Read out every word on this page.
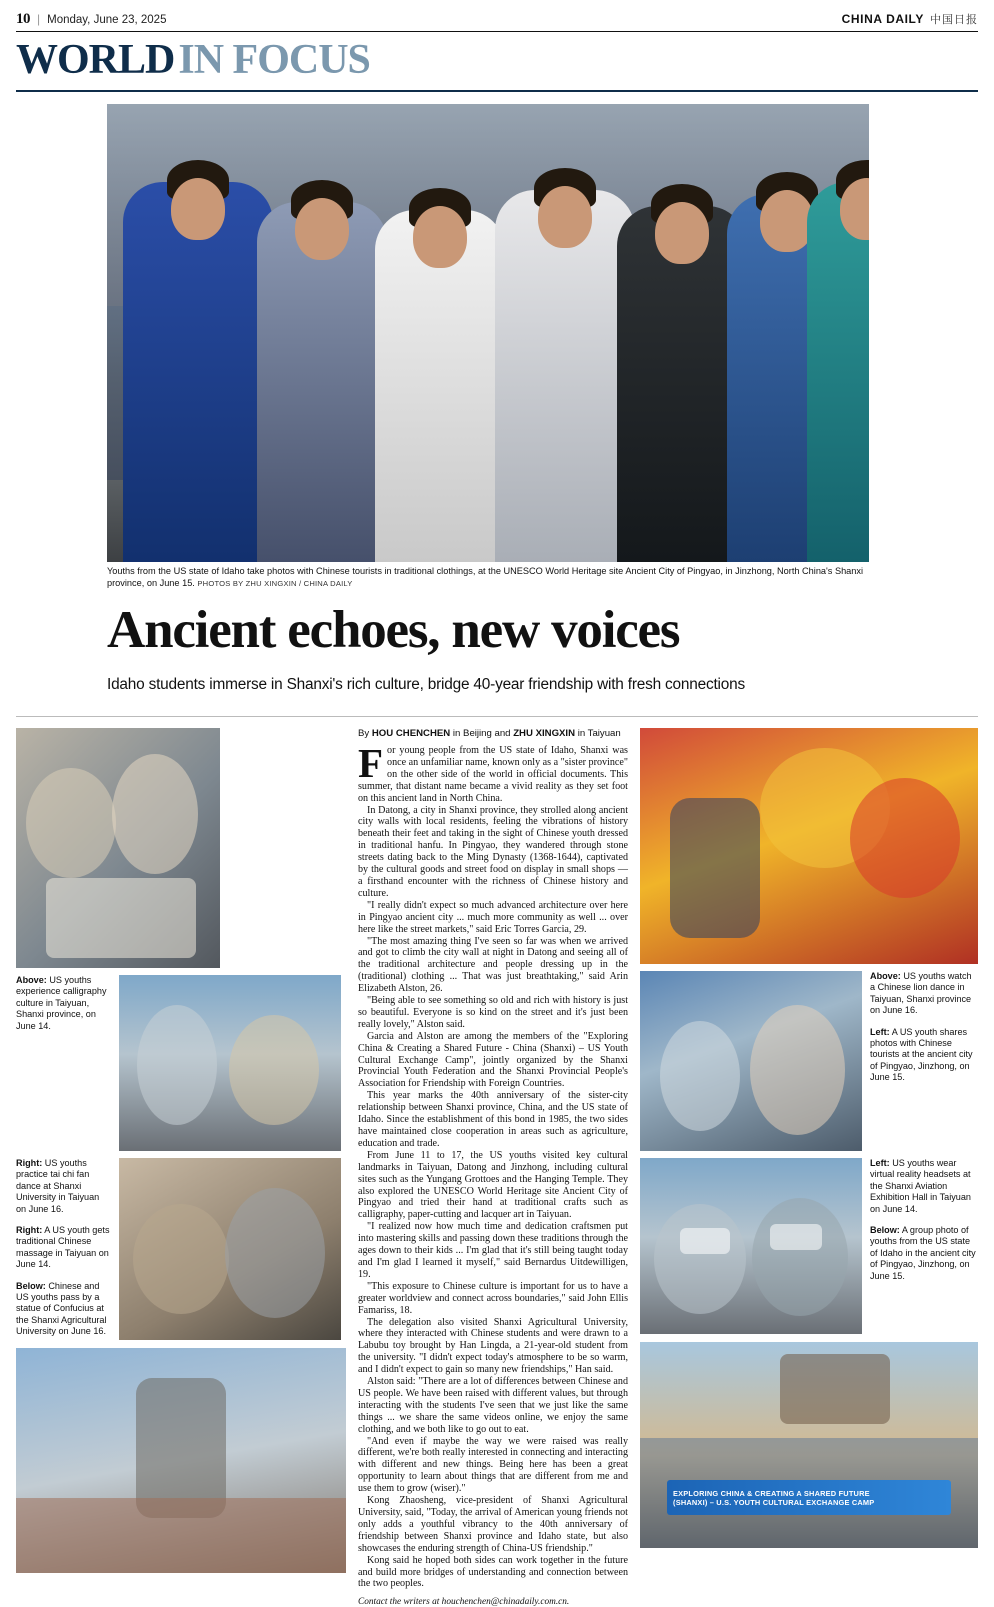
10 | Monday, June 23, 2025	CHINA DAILY 中国日报
WORLD IN FOCUS
Youths from the US state of Idaho take photos with Chinese tourists in traditional clothings, at the UNESCO World Heritage site Ancient City of Pingyao, in Jinzhong, North China's Shanxi province, on June 15. PHOTOS BY ZHU XINGXIN / CHINA DAILY
Ancient echoes, new voices
Idaho students immerse in Shanxi's rich culture, bridge 40-year friendship with fresh connections
Above: US youths experience calligraphy culture in Taiyuan, Shanxi province, on June 14.
Right: US youths practice tai chi fan dance at Shanxi University in Taiyuan on June 16.
Right: A US youth gets traditional Chinese massage in Taiyuan on June 14.
Below: Chinese and US youths pass by a statue of Confucius at the Shanxi Agricultural University on June 16.
By HOU CHENCHEN in Beijing and ZHU XINGXIN in Taiyuan

For young people from the US state of Idaho, Shanxi was once an unfamiliar name, known only as a "sister province" on the other side of the world in official documents. This summer, that distant name became a vivid reality as they set foot on this ancient land in North China.

In Datong, a city in Shanxi province, they strolled along ancient city walls with local residents, feeling the vibrations of history beneath their feet and taking in the sight of Chinese youth dressed in traditional hanfu. In Pingyao, they wandered through stone streets dating back to the Ming Dynasty (1368-1644), captivated by the cultural goods and street food on display in small shops — a firsthand encounter with the richness of Chinese history and culture.

"I really didn't expect so much advanced architecture over here in Pingyao ancient city ... much more community as well ... over here like the street markets," said Eric Torres Garcia, 29.

"The most amazing thing I've seen so far was when we arrived and got to climb the city wall at night in Datong and seeing all of the traditional architecture and people dressing up in the (traditional) clothing ... That was just breathtaking," said Arin Elizabeth Alston, 26.

"Being able to see something so old and rich with history is just so beautiful. Everyone is so kind on the street and it's just been really lovely," Alston said.

Garcia and Alston are among the members of the "Exploring China & Creating a Shared Future - China (Shanxi) – US Youth Cultural Exchange Camp", jointly organized by the Shanxi Provincial Youth Federation and the Shanxi Provincial People's Association for Friendship with Foreign Countries.

This year marks the 40th anniversary of the sister-city relationship between Shanxi province, China, and the US state of Idaho. Since the establishment of this bond in 1985, the two sides have maintained close cooperation in areas such as agriculture, education and trade.

From June 11 to 17, the US youths visited key cultural landmarks in Taiyuan, Datong and Jinzhong, including cultural sites such as the Yungang Grottoes and the Hanging Temple. They also explored the UNESCO World Heritage site Ancient City of Pingyao and tried their hand at traditional crafts such as calligraphy, paper-cutting and lacquer art in Taiyuan.

"I realized now how much time and dedication craftsmen put into mastering skills and passing down these traditions through the ages down to their kids ... I'm glad that it's still being taught today and I'm glad I learned it myself," said Bernardus Uitdewilligen, 19.

"This exposure to Chinese culture is important for us to have a greater worldview and connect across boundaries," said John Ellis Famariss, 18.

The delegation also visited Shanxi Agricultural University, where they interacted with Chinese students and were drawn to a Labubu toy brought by Han Lingda, a 21-year-old student from the university. "I didn't expect today's atmosphere to be so warm, and I didn't expect to gain so many new friendships," Han said.

Alston said: "There are a lot of differences between Chinese and US people. We have been raised with different values, but through interacting with the students I've seen that we just like the same things ... we share the same videos online, we enjoy the same clothing, and we both like to go out to eat.

"And even if maybe the way we were raised was really different, we're both really interested in connecting and interacting with different and new things. Being here has been a great opportunity to learn about things that are different from me and use them to grow (wiser)."

Kong Zhaosheng, vice-president of Shanxi Agricultural University, said, "Today, the arrival of American young friends not only adds a youthful vibrancy to the 40th anniversary of friendship between Shanxi province and Idaho state, but also showcases the enduring strength of China-US friendship."

Kong said he hoped both sides can work together in the future and build more bridges of understanding and connection between the two peoples.

Contact the writers at houchenchen@chinadaily.com.cn.
Above: US youths watch a Chinese lion dance in Taiyuan, Shanxi province on June 16.
Left: A US youth shares photos with Chinese tourists at the ancient city of Pingyao, Jinzhong, on June 15.
Left: US youths wear virtual reality headsets at the Shanxi Aviation Exhibition Hall in Taiyuan on June 14.
Below: A group photo of youths from the US state of Idaho in the ancient city of Pingyao, Jinzhong, on June 15.
EXPLORING CHINA & CREATING A SHARED FUTURE
(SHANXI) – U.S. YOUTH CULTURAL EXCHANGE CAMP
